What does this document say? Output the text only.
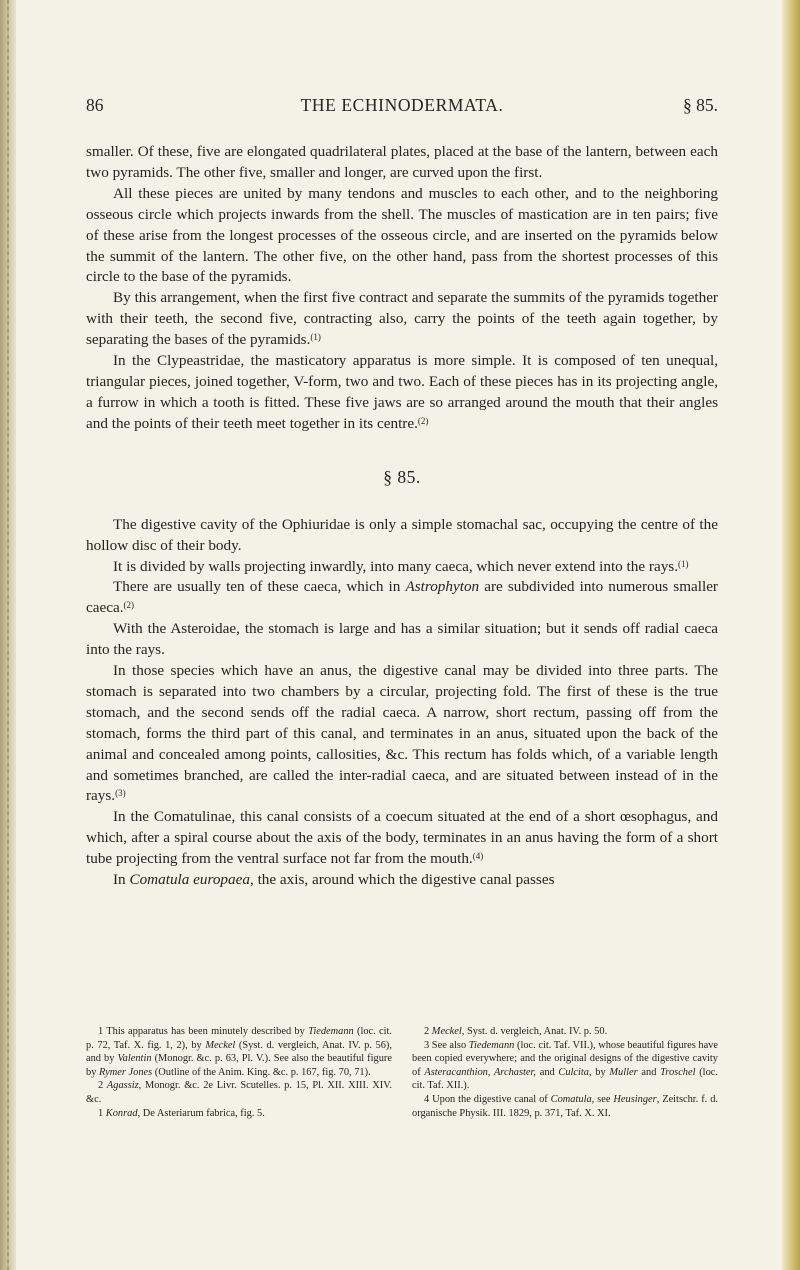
86	THE ECHINODERMATA.	§ 85.

smaller. Of these, five are elongated quadrilateral plates, placed at the base of the lantern, between each two pyramids. The other five, smaller and longer, are curved upon the first.

All these pieces are united by many tendons and muscles to each other, and to the neighboring osseous circle which projects inwards from the shell. The muscles of mastication are in ten pairs; five of these arise from the longest processes of the osseous circle, and are inserted on the pyramids below the summit of the lantern. The other five, on the other hand, pass from the shortest processes of this circle to the base of the pyramids.

By this arrangement, when the first five contract and separate the summits of the pyramids together with their teeth, the second five, contracting also, carry the points of the teeth again together, by separating the bases of the pyramids.$^{(1)}$

In the Clypeastridae, the masticatory apparatus is more simple. It is composed of ten unequal, triangular pieces, joined together, V-form, two and two. Each of these pieces has in its projecting angle, a furrow in which a tooth is fitted. These five jaws are so arranged around the mouth that their angles and the points of their teeth meet together in its centre.$^{(2)}$

§ 85.

The digestive cavity of the Ophiuridae is only a simple stomachal sac, occupying the centre of the hollow disc of their body.

It is divided by walls projecting inwardly, into many caeca, which never extend into the rays.$^{(1)}$

There are usually ten of these caeca, which in Astrophyton are subdivided into numerous smaller caeca.$^{(2)}$

With the Asteroidae, the stomach is large and has a similar situation; but it sends off radial caeca into the rays.

In those species which have an anus, the digestive canal may be divided into three parts. The stomach is separated into two chambers by a circular, projecting fold. The first of these is the true stomach, and the second sends off the radial caeca. A narrow, short rectum, passing off from the stomach, forms the third part of this canal, and terminates in an anus, situated upon the back of the animal and concealed among points, callosities, &c. This rectum has folds which, of a variable length and sometimes branched, are called the inter-radial caeca, and are situated between instead of in the rays.$^{(3)}$

In the Comatulinae, this canal consists of a coecum situated at the end of a short œsophagus, and which, after a spiral course about the axis of the body, terminates in an anus having the form of a short tube projecting from the ventral surface not far from the mouth.$^{(4)}$

In Comatula europaea, the axis, around which the digestive canal passes

1 This apparatus has been minutely described by Tiedemann (loc. cit. p. 72, Taf. X. fig. 1, 2), by Meckel (Syst. d. vergleich, Anat. IV. p. 56), and by Valentin (Monogr. &c. p. 63, Pl. V.). See also the beautiful figure by Rymer Jones (Outline of the Anim. King. &c. p. 167, fig. 70, 71).

2 Agassiz, Monogr. &c. 2e Livr. Scutelles. p. 15, Pl. XII. XIII. XIV. &c.

1 Konrad, De Asteriarum fabrica, fig. 5.

2 Meckel, Syst. d. vergleich, Anat. IV. p. 50.

3 See also Tiedemann (loc. cit. Taf. VII.), whose beautiful figures have been copied everywhere; and the original designs of the digestive cavity of Asteracanthion, Archaster, and Culcita, by Muller and Troschel (loc. cit. Taf. XII.).

4 Upon the digestive canal of Comatula, see Heusinger, Zeitschr. f. d. organische Physik. III. 1829, p. 371, Taf. X. XI.
